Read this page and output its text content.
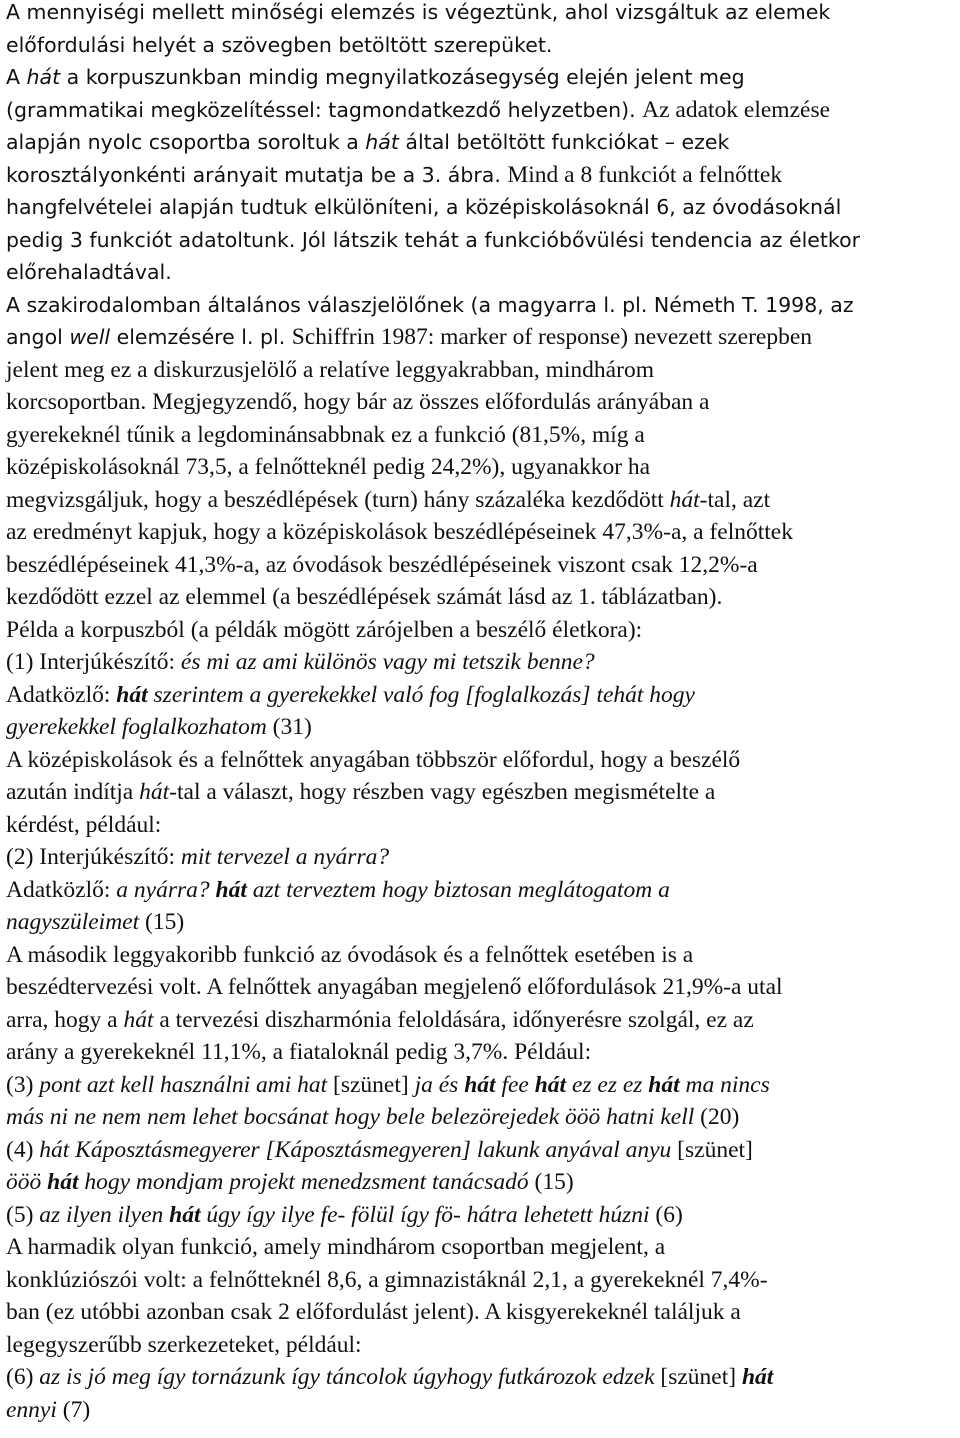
A mennyiségi mellett minőségi elemzés is végeztünk, ahol vizsgáltuk az elemek
előfordulási helyét a szövegben betöltött szerepüket.
A hát a korpuszunkban mindig megnyilatkozásegység elején jelent meg
(grammatikai megközelítéssel: tagmondatkezdő helyzetben). Az adatok elemzése
alapján nyolc csoportba soroltuk a hát által betöltött funkciókat – ezek
korosztályonkénti arányait mutatja be a 3. ábra. Mind a 8 funkciót a felnőttek
hangfelvételei alapján tudtuk elkülöníteni, a középiskolásoknál 6, az óvodásoknál
pedig 3 funkciót adatoltunk. Jól látszik tehát a funkcióbővülési tendencia az életkor
előrehaladtával.
A szakirodalomban általános válaszjelölőnek (a magyarra l. pl. Németh T. 1998, az
angol well elemzésére l. pl. Schiffrin 1987: marker of response) nevezett szerepben
jelent meg ez a diskurzusjelölő a relatíve leggyakrabban, mindhárom
korcsoportban. Megjegyzendő, hogy bár az összes előfordulás arányában a
gyerekeknél tűnik a legdominánsabbnak ez a funkció (81,5%, míg a
középiskolásoknál 73,5, a felnőtteknél pedig 24,2%), ugyanakkor ha
megvizsgáljuk, hogy a beszédlépések (turn) hány százaléka kezdődött hát-tal, azt
az eredményt kapjuk, hogy a középiskolások beszédlépéseinek 47,3%-a, a felnőttek
beszédlépéseinek 41,3%-a, az óvodások beszédlépéseinek viszont csak 12,2%-a
kezdődött ezzel az elemmel (a beszédlépések számát lásd az 1. táblázatban).
Példa a korpuszból (a példák mögött zárójelben a beszélő életkora):
(1) Interjúkészítő: és mi az ami különös vagy mi tetszik benne?
Adatközlő: hát szerintem a gyerekekkel való fog [foglalkozás] tehát hogy
gyerekekkel foglalkozhatom (31)
A középiskolások és a felnőttek anyagában többször előfordul, hogy a beszélő
azután indítja hát-tal a választ, hogy részben vagy egészben megismételte a
kérdést, például:
(2) Interjúkészítő: mit tervezel a nyárra?
Adatközlő: a nyárra? hát azt terveztem hogy biztosan meglátogatom a
nagyszüleimet (15)
A második leggyakoribb funkció az óvodások és a felnőttek esetében is a
beszédtervezési volt. A felnőttek anyagában megjelenő előfordulások 21,9%-a utal
arra, hogy a hát a tervezési diszharmónia feloldására, időnyerésre szolgál, ez az
arány a gyerekeknél 11,1%, a fiataloknál pedig 3,7%. Például:
(3) pont azt kell használni ami hat [szünet] ja és hát fee hát ez ez ez hát ma nincs
más ni ne nem nem lehet bocsánat hogy bele belezörejedek ööö hatni kell (20)
(4) hát Káposztásmegyerer [Káposztásmegyeren] lakunk anyával anyu [szünet]
ööö hát hogy mondjam projekt menedzsment tanácsadó (15)
(5) az ilyen ilyen hát úgy így ilye fe- fölül így fö- hátra lehetett húzni (6)
A harmadik olyan funkció, amely mindhárom csoportban megjelent, a
konklúziószói volt: a felnőtteknél 8,6, a gimnazistáknál 2,1, a gyerekeknél 7,4%-
ban (ez utóbbi azonban csak 2 előfordulást jelent). A kisgyerekeknél találjuk a
legegyszerűbb szerkezeteket, például:
(6) az is jó meg így tornázunk így táncolok úgyhogy futkározok edzek [szünet] hát
ennyi (7)
